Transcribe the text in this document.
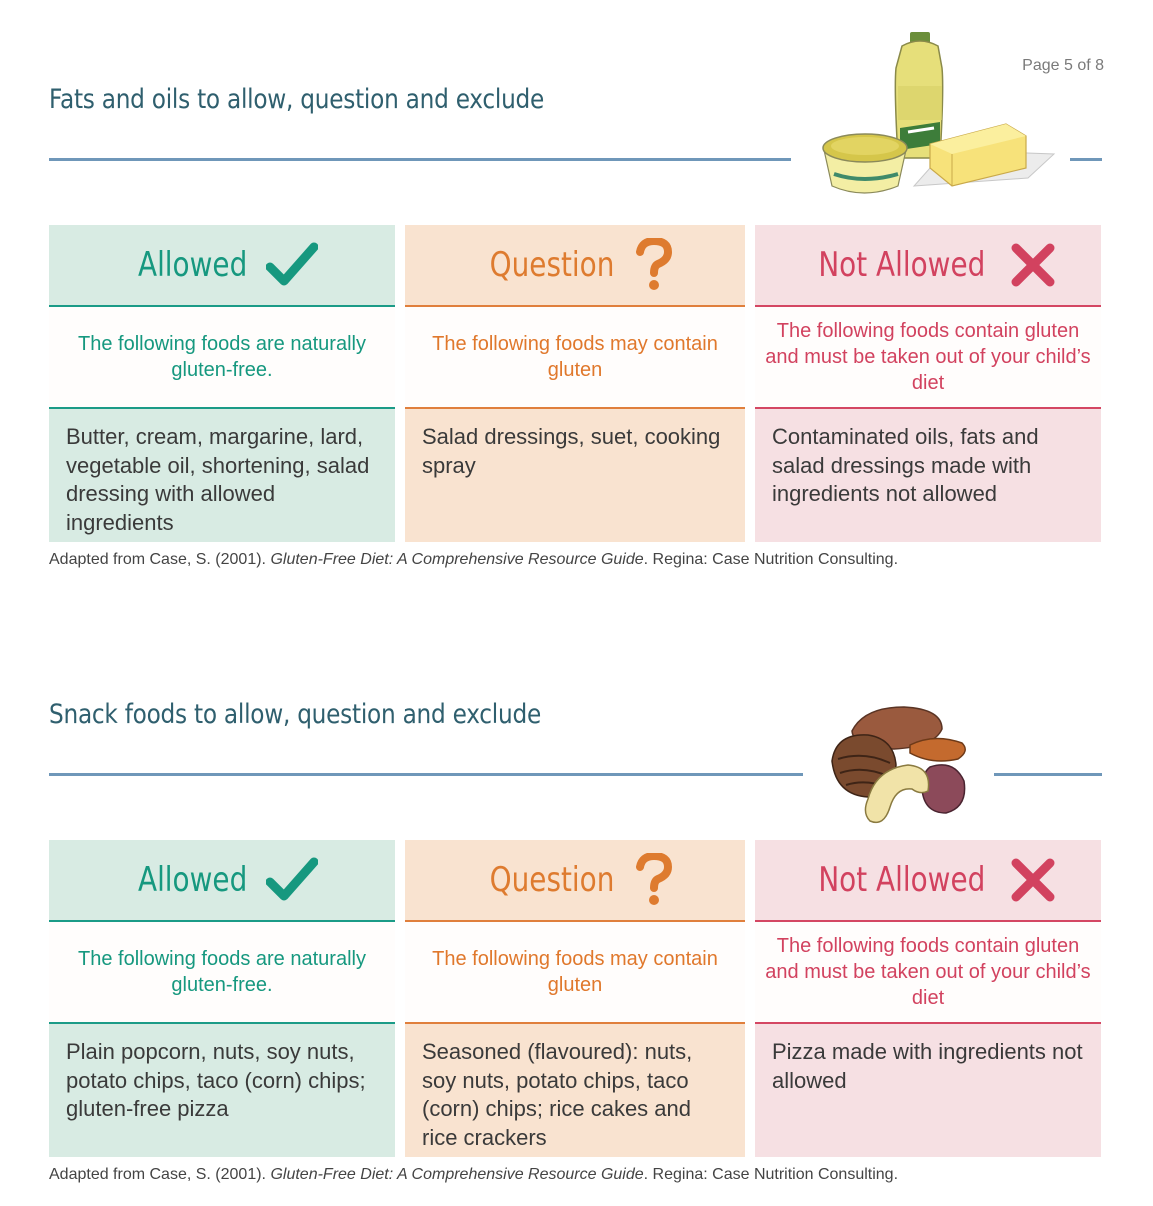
Page 5 of 8
Fats and oils to allow, question and exclude
Allowed
The following foods are naturally gluten-free.
Butter, cream, margarine, lard, vegetable oil, shortening, salad dressing with allowed ingredients
Question
The following foods may contain gluten
Salad dressings, suet, cooking spray
Not Allowed
The following foods contain gluten and must be taken out of your child’s diet
Contaminated oils, fats and salad dressings made with ingredients not allowed
Adapted from Case, S. (2001). Gluten-Free Diet: A Comprehensive Resource Guide. Regina: Case Nutrition Consulting.
Snack foods to allow, question and exclude
Allowed
The following foods are naturally gluten-free.
Plain popcorn, nuts, soy nuts, potato chips, taco (corn) chips; gluten-free pizza
Question
The following foods may contain gluten
Seasoned (flavoured): nuts, soy nuts, potato chips, taco (corn) chips; rice cakes and rice crackers
Not Allowed
The following foods contain gluten and must be taken out of your child’s diet
Pizza made with ingredients not allowed
Adapted from Case, S. (2001). Gluten-Free Diet: A Comprehensive Resource Guide. Regina: Case Nutrition Consulting.
